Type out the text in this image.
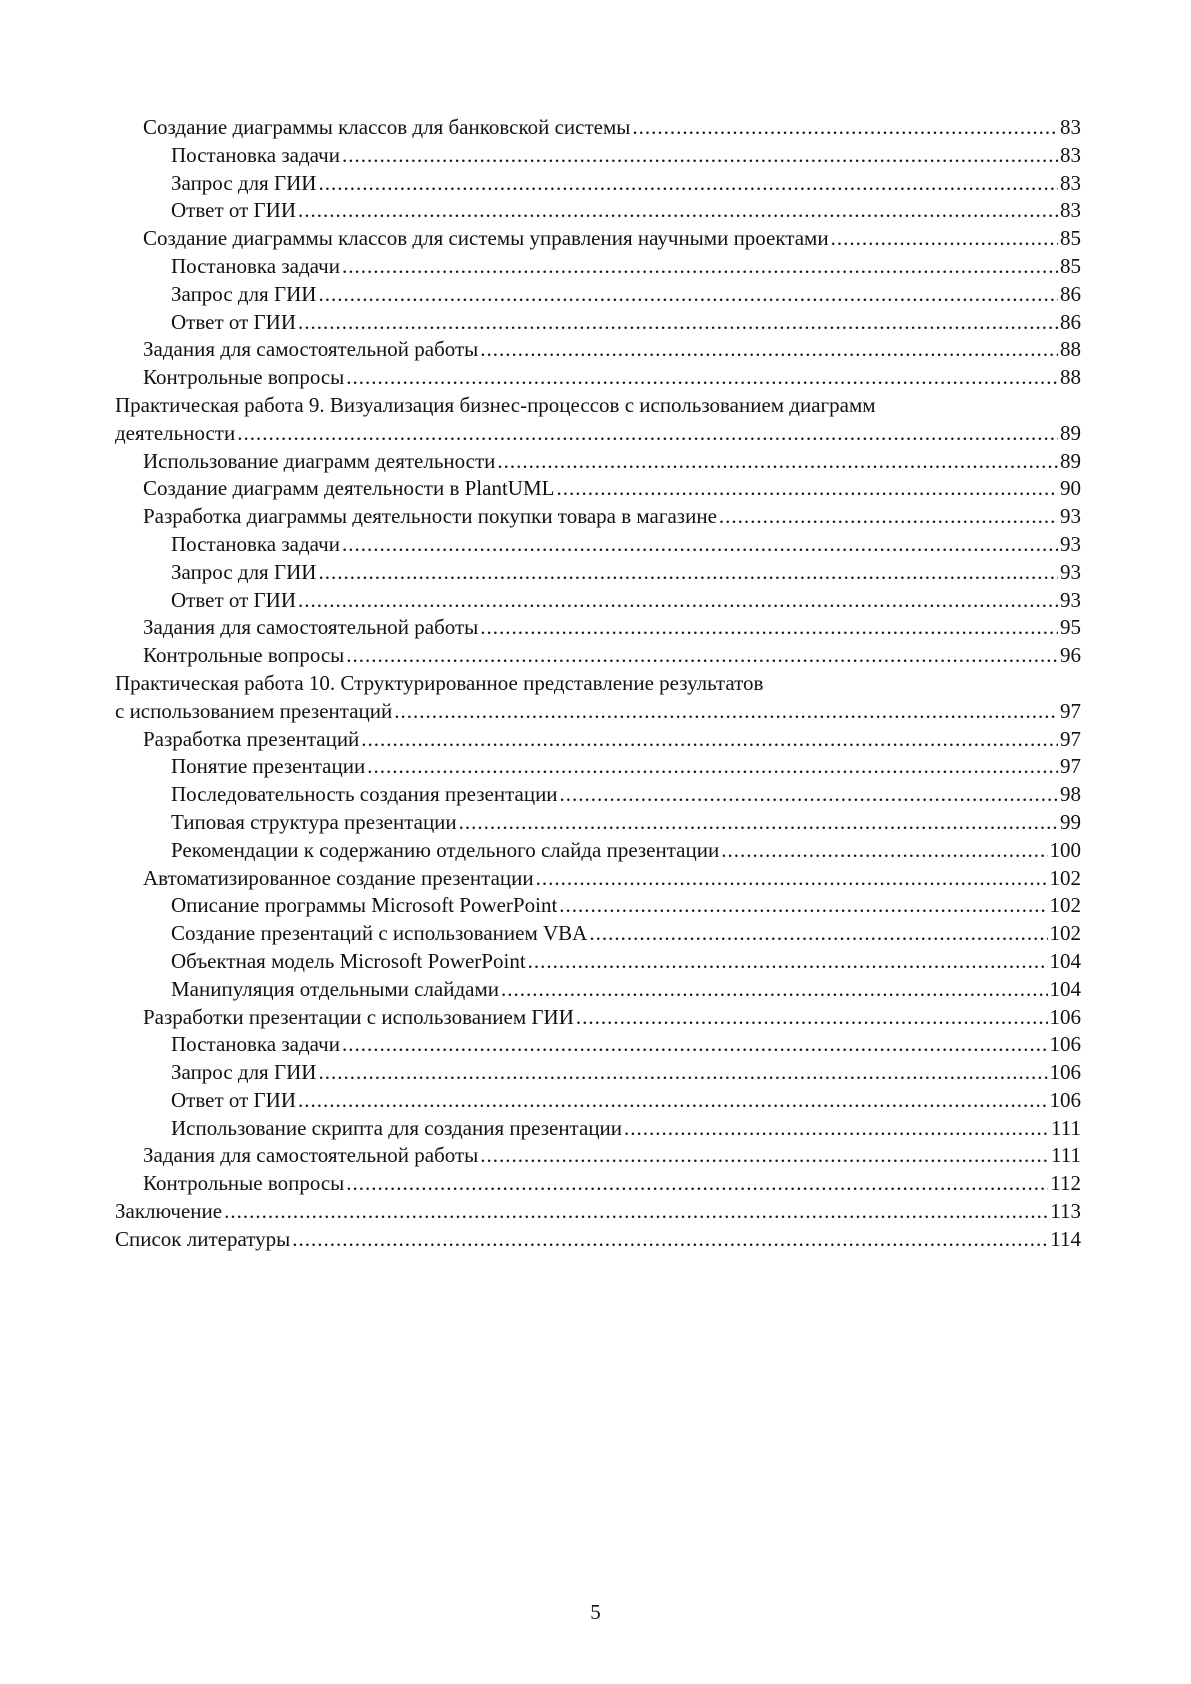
Создание диаграммы классов для банковской системы .....	83
Постановка задачи .....	83
Запрос для ГИИ .....	83
Ответ от ГИИ .....	83
Создание диаграммы классов для системы управления научными проектами .....	85
Постановка задачи .....	85
Запрос для ГИИ .....	86
Ответ от ГИИ .....	86
Задания для самостоятельной работы .....	88
Контрольные вопросы .....	88
Практическая работа 9. Визуализация бизнес-процессов с использованием диаграмм
деятельности .....	89
Использование диаграмм деятельности .....	89
Создание диаграмм деятельности в PlantUML .....	90
Разработка диаграммы деятельности покупки товара в магазине .....	93
Постановка задачи .....	93
Запрос для ГИИ .....	93
Ответ от ГИИ .....	93
Задания для самостоятельной работы .....	95
Контрольные вопросы .....	96
Практическая работа 10. Структурированное представление результатов
с использованием презентаций .....	97
Разработка презентаций .....	97
Понятие презентации .....	97
Последовательность создания презентации .....	98
Типовая структура презентации .....	99
Рекомендации к содержанию отдельного слайда презентации .....	100
Автоматизированное создание презентации .....	102
Описание программы Microsoft PowerPoint .....	102
Создание презентаций с использованием VBA .....	102
Объектная модель Microsoft PowerPoint .....	104
Манипуляция отдельными слайдами .....	104
Разработки презентации с использованием ГИИ .....	106
Постановка задачи .....	106
Запрос для ГИИ .....	106
Ответ от ГИИ .....	106
Использование скрипта для создания презентации .....	111
Задания для самостоятельной работы .....	111
Контрольные вопросы .....	112
Заключение .....	113
Список литературы .....	114
5
